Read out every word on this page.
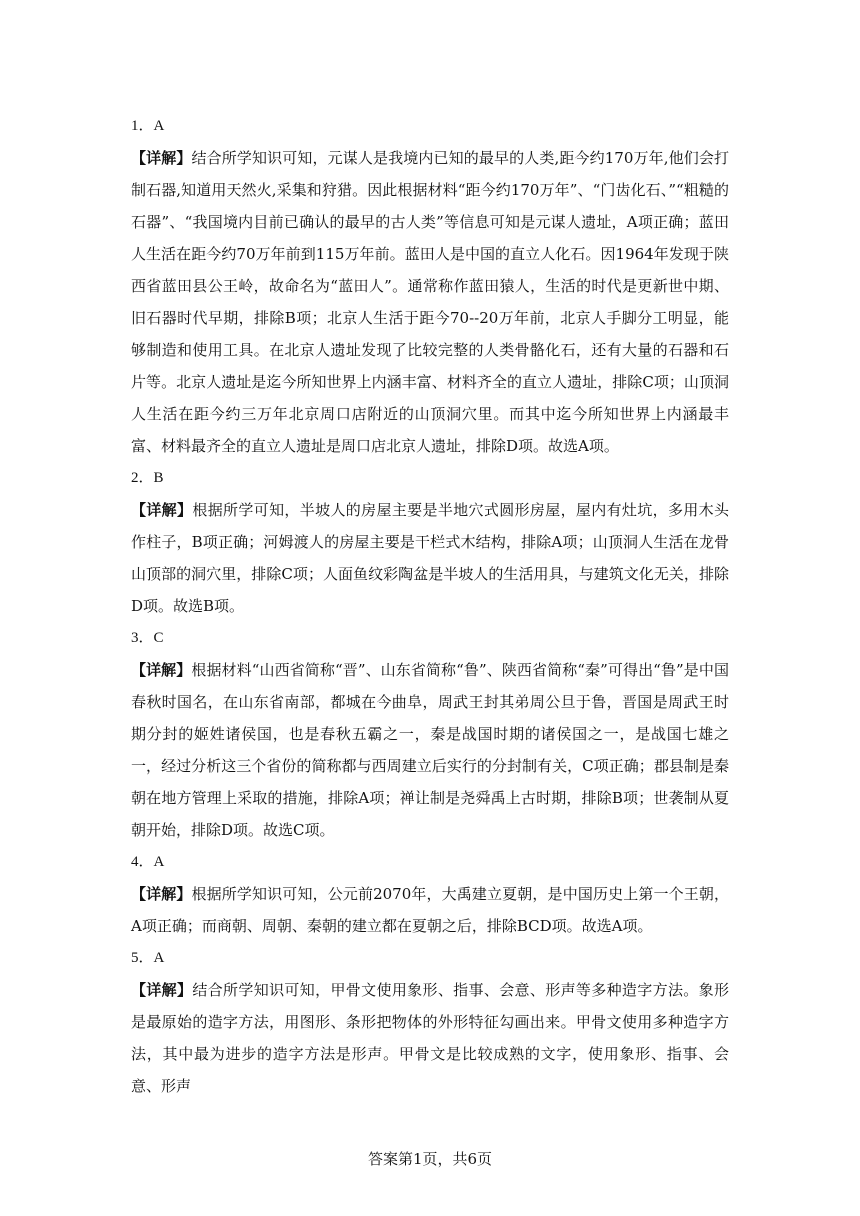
1．A

【详解】结合所学知识可知，元谋人是我境内已知的最早的人类,距今约170万年,他们会打制石器,知道用天然火,采集和狩猎。因此根据材料“距今约170万年”、“门齿化石、”“粗糙的石器”、“我国境内目前已确认的最早的古人类”等信息可知是元谋人遗址，A项正确；蓝田人生活在距今约70万年前到115万年前。蓝田人是中国的直立人化石。因1964年发现于陕西省蓝田县公王岭，故命名为“蓝田人”。通常称作蓝田猿人，生活的时代是更新世中期、旧石器时代早期，排除B项；北京人生活于距今70--20万年前，北京人手脚分工明显，能够制造和使用工具。在北京人遗址发现了比较完整的人类骨骼化石，还有大量的石器和石片等。北京人遗址是迄今所知世界上内涵丰富、材料齐全的直立人遗址，排除C项；山顶洞人生活在距今约三万年北京周口店附近的山顶洞穴里。而其中迄今所知世界上内涵最丰富、材料最齐全的直立人遗址是周口店北京人遗址，排除D项。故选A项。

2．B

【详解】根据所学可知，半坡人的房屋主要是半地穴式圆形房屋，屋内有灶坑，多用木头作柱子，B项正确；河姆渡人的房屋主要是干栏式木结构，排除A项；山顶洞人生活在龙骨山顶部的洞穴里，排除C项；人面鱼纹彩陶盆是半坡人的生活用具，与建筑文化无关，排除D项。故选B项。

3．C

【详解】根据材料“山西省简称“晋”、山东省简称“鲁”、陕西省简称“秦”可得出“鲁”是中国春秋时国名，在山东省南部，都城在今曲阜，周武王封其弟周公旦于鲁，晋国是周武王时期分封的姬姓诸侯国，也是春秋五霸之一，秦是战国时期的诸侯国之一，是战国七雄之一，经过分析这三个省份的简称都与西周建立后实行的分封制有关，C项正确；郡县制是秦朝在地方管理上采取的措施，排除A项；禅让制是尧舜禹上古时期，排除B项；世袭制从夏朝开始，排除D项。故选C项。

4．A

【详解】根据所学知识可知，公元前2070年，大禹建立夏朝，是中国历史上第一个王朝，A项正确；而商朝、周朝、秦朝的建立都在夏朝之后，排除BCD项。故选A项。

5．A

【详解】结合所学知识可知，甲骨文使用象形、指事、会意、形声等多种造字方法。象形是最原始的造字方法，用图形、条形把物体的外形特征勾画出来。甲骨文使用多种造字方法，其中最为进步的造字方法是形声。甲骨文是比较成熟的文字，使用象形、指事、会意、形声

答案第1页，共6页
